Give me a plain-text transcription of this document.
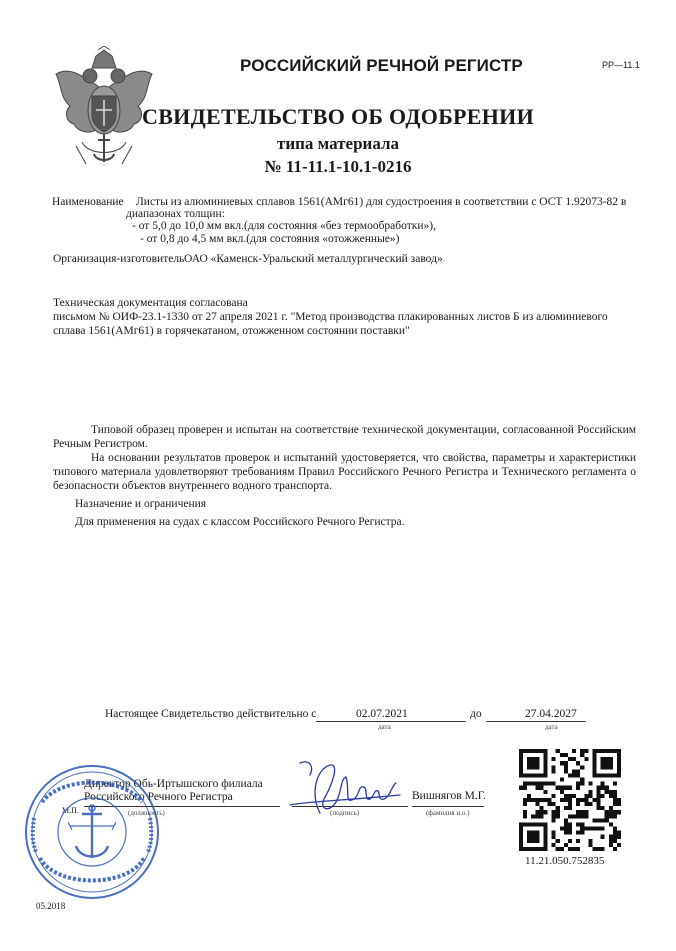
РОССИЙСКИЙ РЕЧНОЙ РЕГИСТР	РР—11.1
СВИДЕТЕЛЬСТВО ОБ ОДОБРЕНИИ
типа материала
№ 11-11.1-10.1-0216
Наименование Листы из алюминиевых сплавов 1561(АМг61) для судостроения в соответствии с ОСТ 1.92073-82 в
диапазонах толщин:
- от 5,0 до 10,0 мм вкл.(для состояния «без термообработки»),
- от 0,8 до 4,5 мм вкл.(для состояния «отожженные»)
Организация-изготовитель ОАО «Каменск-Уральский металлургический завод»
Техническая документация согласована
письмом № ОИФ-23.1-1330 от 27 апреля 2021 г. "Метод производства плакированных листов Б из алюминиевого
сплава 1561(АМг61) в горячекатаном, отожженном состоянии поставки"
Типовой образец проверен и испытан на соответствие технической документации, согласованной Российским Речным Регистром.
На основании результатов проверок и испытаний удостоверяется, что свойства, параметры и характеристики типового материала удовлетворяют требованиям Правил Российского Речного Регистра и Технического регламента о безопасности объектов внутреннего водного транспорта.
Назначение и ограничения
Для применения на судах с классом Российского Речного Регистра.
Настоящее Свидетельство действительно с	02.07.2021
дата
до	27.04.2027
дата
Директор Обь-Иртышского филиала
Российского Речного Регистра
М.П.	(должность)	(подпись)	(фамилия и.о.)
Вишнягов М.Г.
11.21.050.752835
05.2018
